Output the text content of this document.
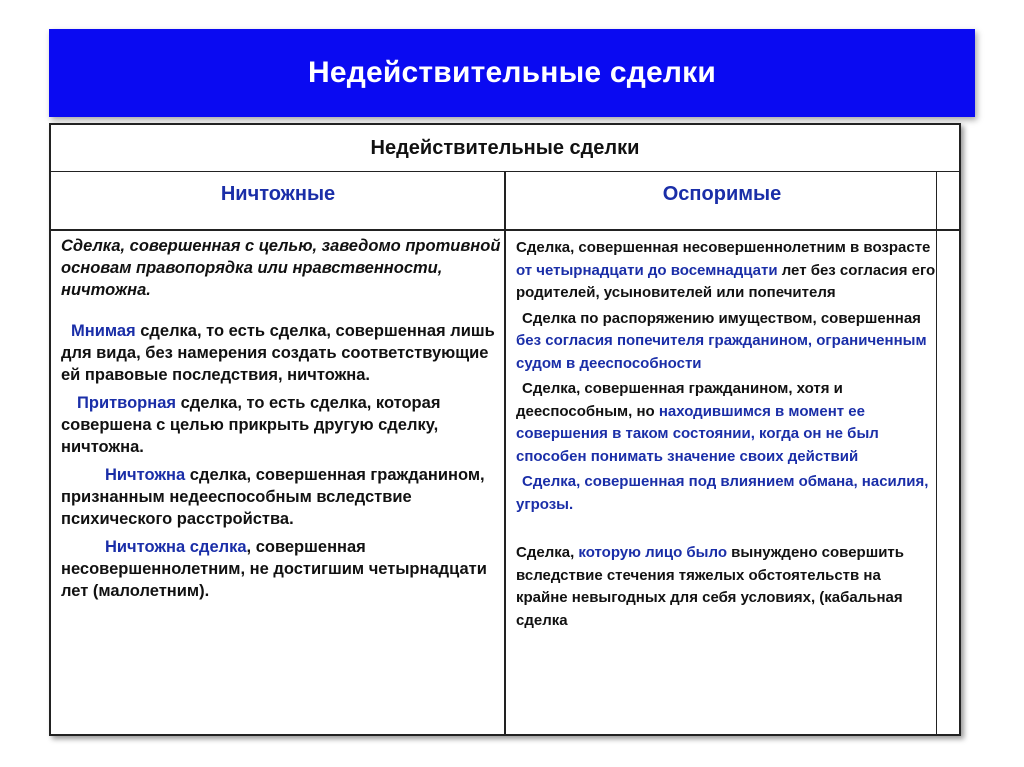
Недействительные сделки
Недействительные сделки
Ничтожные	Оспоримые

Сделка, совершенная с целью, заведомо противной основам правопорядка или нравственности, ничтожна.

Мнимая сделка, то есть сделка, совершенная лишь для вида, без намерения создать соответствующие ей правовые последствия, ничтожна.

Притворная сделка, то есть сделка, которая совершена с целью прикрыть другую сделку, ничтожна.

Ничтожна сделка, совершенная гражданином, признанным недееспособным вследствие психического расстройства.

Ничтожна сделка, совершенная несовершеннолетним, не достигшим четырнадцати лет (малолетним).

Сделка, совершенная несовершеннолетним в возрасте от четырнадцати до восемнадцати лет без согласия его родителей, усыновителей или попечителя

Сделка по распоряжению имуществом, совершенная без согласия попечителя гражданином, ограниченным судом в дееспособности

Сделка, совершенная гражданином, хотя и дееспособным, но находившимся в момент ее совершения в таком состоянии, когда он не был способен понимать значение своих действий

Сделка, совершенная под влиянием обмана, насилия, угрозы.

Сделка, которую лицо было вынуждено совершить вследствие стечения тяжелых обстоятельств на крайне невыгодных для себя условиях, (кабальная сделка
